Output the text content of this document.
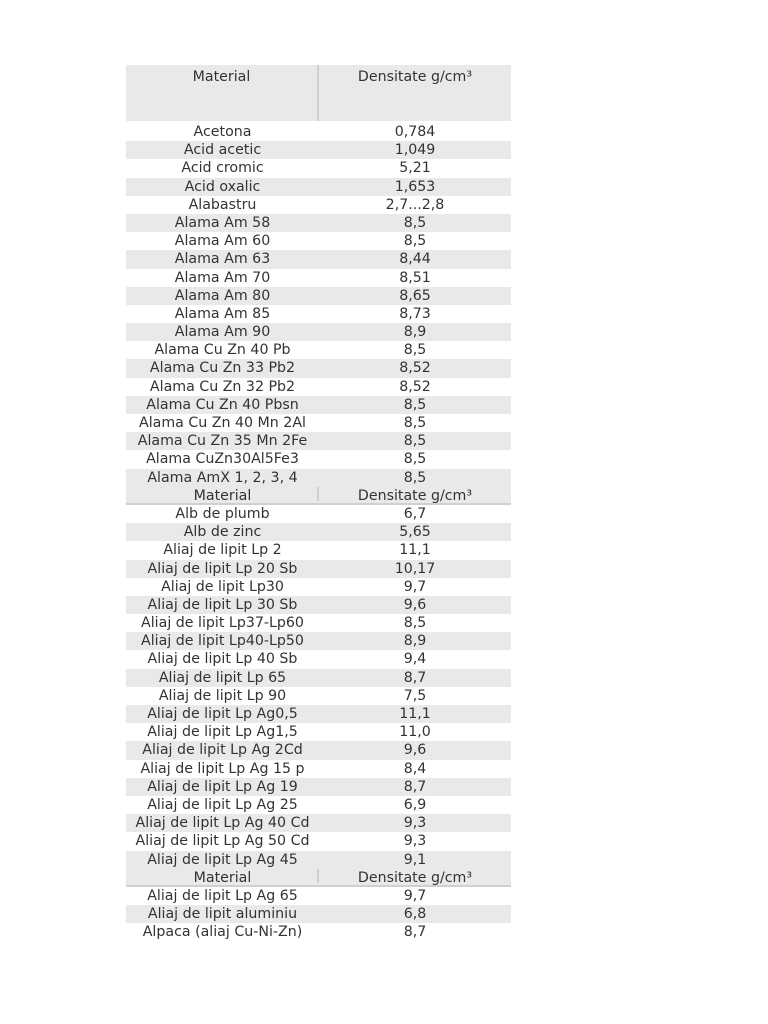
Material	Densitate g/cm³
Acetona	0,784
Acid acetic	1,049
Acid cromic	5,21
Acid oxalic	1,653
Alabastru	2,7...2,8
Alama Am 58	8,5
Alama Am 60	8,5
Alama Am 63	8,44
Alama Am 70	8,51
Alama Am 80	8,65
Alama Am 85	8,73
Alama Am 90	8,9
Alama Cu Zn 40 Pb	8,5
Alama Cu Zn 33 Pb2	8,52
Alama Cu Zn 32 Pb2	8,52
Alama Cu Zn 40 Pbsn	8,5
Alama Cu Zn 40 Mn 2Al	8,5
Alama Cu Zn 35 Mn 2Fe	8,5
Alama CuZn30Al5Fe3	8,5
Alama AmX 1, 2, 3, 4	8,5
Material	Densitate g/cm³
Alb de plumb	6,7
Alb de zinc	5,65
Aliaj de lipit Lp 2	11,1
Aliaj de lipit Lp 20 Sb	10,17
Aliaj de lipit Lp30	9,7
Aliaj de lipit Lp 30 Sb	9,6
Aliaj de lipit Lp37-Lp60	8,5
Aliaj de lipit Lp40-Lp50	8,9
Aliaj de lipit Lp 40 Sb	9,4
Aliaj de lipit Lp 65	8,7
Aliaj de lipit Lp 90	7,5
Aliaj de lipit Lp Ag0,5	11,1
Aliaj de lipit Lp Ag1,5	11,0
Aliaj de lipit Lp Ag 2Cd	9,6
Aliaj de lipit Lp Ag 15 p	8,4
Aliaj de lipit Lp Ag 19	8,7
Aliaj de lipit Lp Ag 25	6,9
Aliaj de lipit Lp Ag 40 Cd	9,3
Aliaj de lipit Lp Ag 50 Cd	9,3
Aliaj de lipit Lp Ag 45	9,1
Material	Densitate g/cm³
Aliaj de lipit Lp Ag 65	9,7
Aliaj de lipit aluminiu	6,8
Alpaca (aliaj Cu-Ni-Zn)	8,7
